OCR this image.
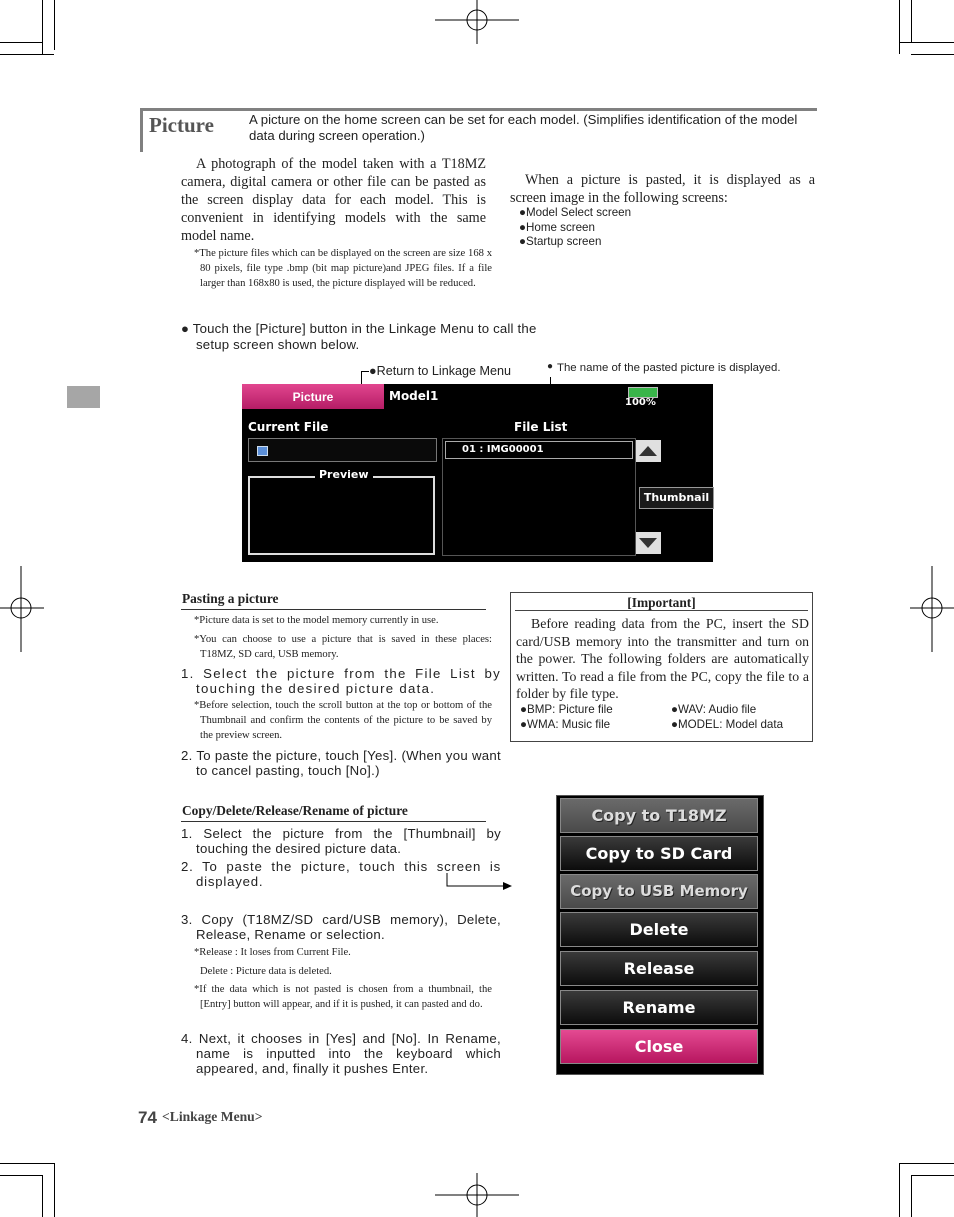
Picture	A picture on the home screen can be set for each model. (Simplifies identification of the model data during screen operation.)
A photograph of the model taken with a T18MZ camera, digital camera or other file can be pasted as the screen display data for each model. This is convenient in identifying models with the same model name.
*The picture files which can be displayed on the screen are size 168 x 80 pixels, file type .bmp (bit map picture)and JPEG files. If a file larger than 168x80 is used, the picture displayed will be reduced.
When a picture is pasted, it is displayed as a screen image in the following screens:
●Model Select screen
●Home screen
●Startup screen
● Touch the [Picture] button in the Linkage Menu to call the setup screen shown below.
●Return to Linkage Menu	● The name of the pasted picture is displayed.
Picture	Model1	100%
Current File	File List
Preview
01 : IMG00001
Thumbnail
Pasting a picture
*Picture data is set to the model memory currently in use.
*You can choose to use a picture that is saved in these places: T18MZ, SD card, USB memory.
1. Select the picture from the File List by touching the desired picture data.
*Before selection, touch the scroll button at the top or bottom of the Thumbnail and confirm the contents of the picture to be saved by the preview screen.
2. To paste the picture, touch [Yes]. (When you want to cancel pasting, touch [No].)
[Important]
Before reading data from the PC, insert the SD card/USB memory into the transmitter and turn on the power. The following folders are automatically written. To read a file from the PC, copy the file to a folder by file type.
●BMP: Picture file	●WAV: Audio file
●WMA: Music file	●MODEL: Model data
Copy/Delete/Release/Rename of picture
1. Select the picture from the [Thumbnail] by touching the desired picture data.
2. To paste the picture, touch this screen is displayed.
3. Copy (T18MZ/SD card/USB memory), Delete, Release, Rename or selection.
*Release : It loses from Current File.
Delete : Picture data is deleted.
*If the data which is not pasted is chosen from a thumbnail, the [Entry] button will appear, and if it is pushed, it can pasted and do.
4. Next, it chooses in [Yes] and [No]. In Rename, name is inputted into the keyboard which appeared, and, finally it pushes Enter.
Copy to T18MZ
Copy to SD Card
Copy to USB Memory
Delete
Release
Rename
Close
74 <Linkage Menu>
